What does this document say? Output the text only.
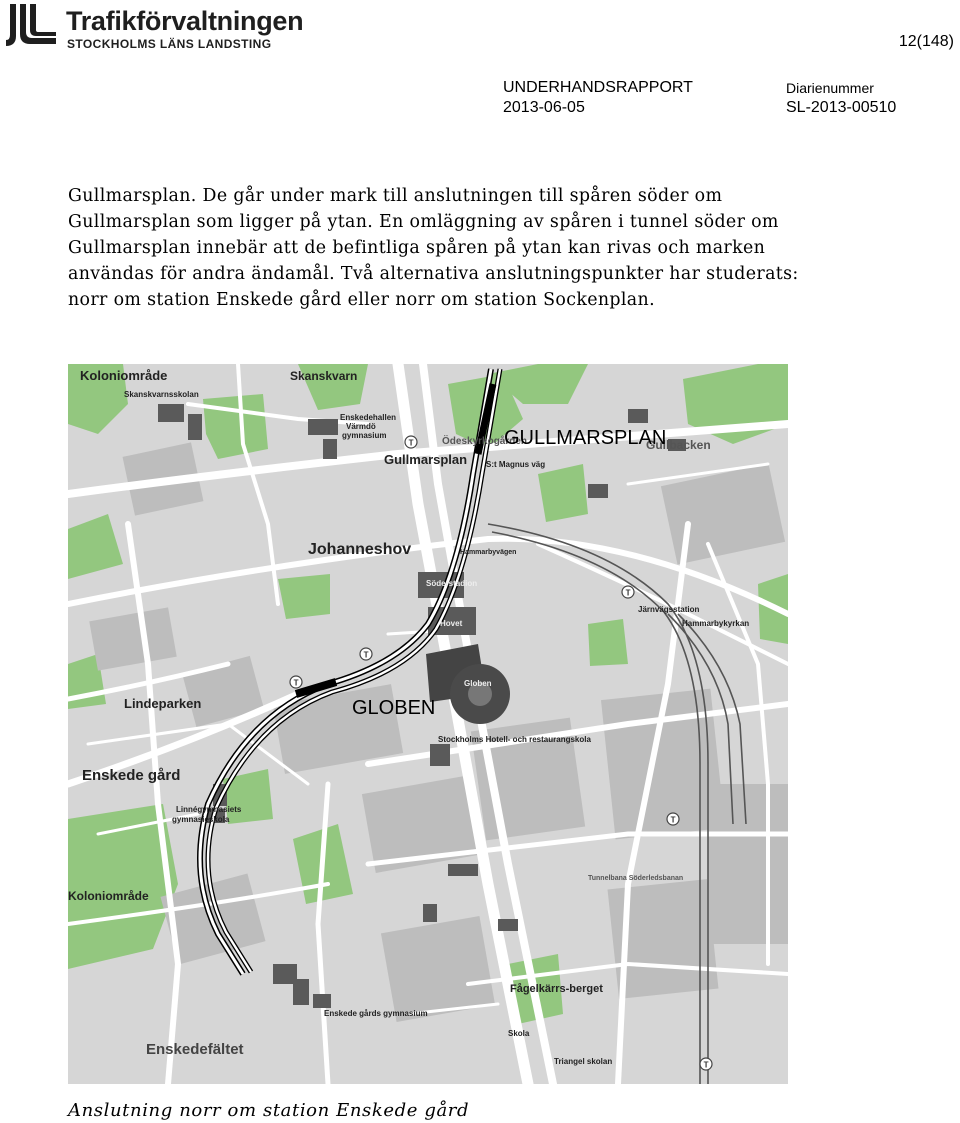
Trafikförvaltningen
STOCKHOLMS LÄNS LANDSTING	12(148)
UNDERHANDSRAPPORT
2013-06-05
Diarienummer
SL-2013-00510

Gullmarsplan. De går under mark till anslutningen till spåren söder om

Gullmarsplan som ligger på ytan. En omläggning av spåren i tunnel söder om

Gullmarsplan innebär att de befintliga spåren på ytan kan rivas och marken

användas för andra ändamål. Två alternativa anslutningspunkter har studerats:

norr om station Enskede gård eller norr om station Sockenplan.

T
T
T
T
T
T
Koloniområde	Skanskvarn
Skanskvarnsskolan
Enskedehallen
Värmdö
gymnasium
Gullmarsplan
Ödeskyrkogården
S:t Magnus väg
Gullbacken
GULLMARSPLAN
Johanneshov	Hammarbyvägen
Söderstadion
Hovet
Globen
Järnvägsstation
Hammarbykyrkan
Lindeparken	GLOBEN
Stockholms Hotell- och restaurangskola
Enskede gård
Linnégymnasiets
gymnasieskola
Koloniområde
Enskede gårds gymnasium
Enskedefältet
Fågelkärrs-berget
Skola
Triangel skolan
Tunnelbana Söderledsbanan
Anslutning norr om station Enskede gård
